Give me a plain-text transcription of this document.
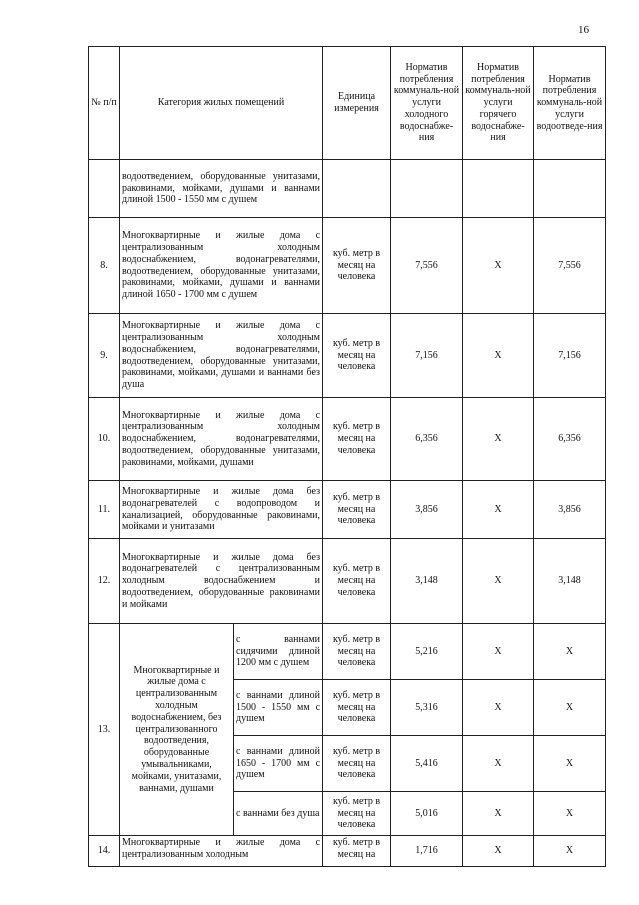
16
№ п/п	Категория жилых помещений		Единица измерения	Норматив потребления коммуналь-ной услуги холодного водоснабже-ния	Норматив потребления коммуналь-ной услуги горячего водоснабже-ния	Норматив потребления коммуналь-ной услуги водоотведе-ния
	водоотведением, оборудованные унитазами, раковинами, мойками, душами и ваннами длиной 1500 - 1550 мм с душем					
8.	Многоквартирные и жилые дома с централизованным холодным водоснабжением, водонагревателями, водоотведением, оборудованные унитазами, раковинами, мойками, душами и ваннами длиной 1650 - 1700 мм с душем		куб. метр в месяц на человека	7,556	Х	7,556
9.	Многоквартирные и жилые дома с централизованным холодным водоснабжением, водонагревателями, водоотведением, оборудованные унитазами, раковинами, мойками, душами и ваннами без душа		куб. метр в месяц на человека	7,156	Х	7,156
10.	Многоквартирные и жилые дома с централизованным холодным водоснабжением, водонагревателями, водоотведением, оборудованные унитазами, раковинами, мойками, душами		куб. метр в месяц на человека	6,356	Х	6,356
11.	Многоквартирные и жилые дома без водонагревателей с водопроводом и канализацией, оборудованные раковинами, мойками и унитазами		куб. метр в месяц на человека	3,856	Х	3,856
12.	Многоквартирные и жилые дома без водонагревателей с централизованным холодным водоснабжением и водоотведением, оборудованные раковинами и мойками		куб. метр в месяц на человека	3,148	Х	3,148
13.	Многоквартирные и жилые дома с централизованным холодным водоснабжением, без централизованного водоотведения, оборудованные умывальниками, мойками, унитазами, ваннами, душами	с ваннами сидячими длиной 1200 мм с душем	куб. метр в месяц на человека	5,216	Х	Х
		с ваннами длиной 1500 - 1550 мм с душем	куб. метр в месяц на человека	5,316	Х	Х
		с ваннами длиной 1650 - 1700 мм с душем	куб. метр в месяц на человека	5,416	Х	Х
		с ваннами без душа	куб. метр в месяц на человека	5,016	Х	Х
14.	Многоквартирные и жилые дома с централизованным холодным		куб. метр в месяц на	1,716	Х	Х
